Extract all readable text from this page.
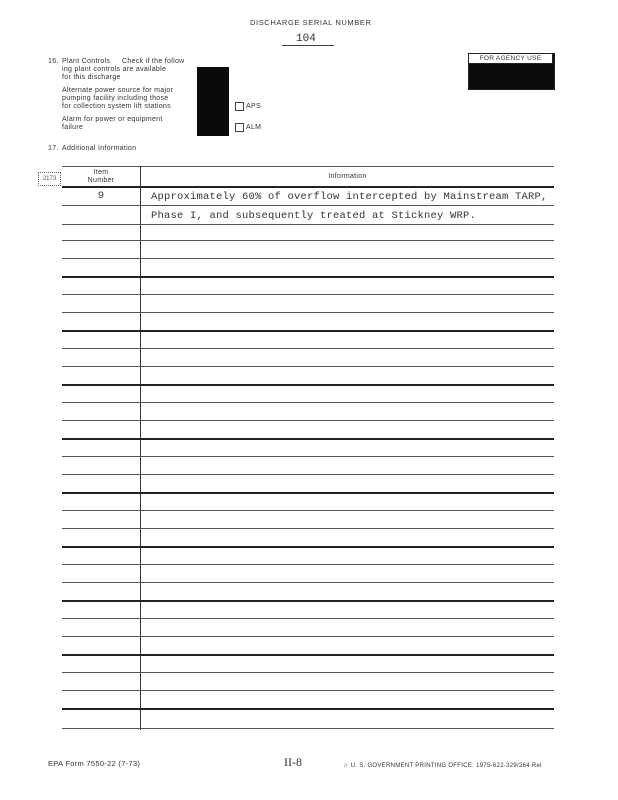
DISCHARGE SERIAL NUMBER
104
FOR AGENCY USE
16. Plant Controls Check if the follow
ing plant controls are available
for this discharge
Alternate power source for major
pumping facility including those
for collection system lift stations
Alarm for power or equipment
failure
APS
ALM
17. Additional Information
2173
Item
Number
Information
9	Approximately 60% of overflow intercepted by Mainstream TARP,
Phase I, and subsequently treated at Stickney WRP.
EPA Form 7550-22 (7-73)	II-8	☆ U. S. GOVERNMENT PRINTING OFFICE: 1975-622-329/264 Rel
